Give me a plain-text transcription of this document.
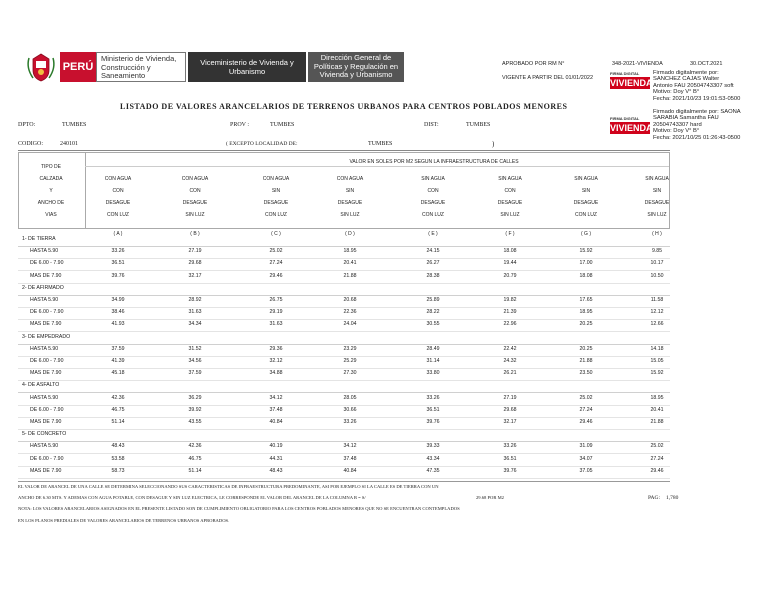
PERÚ
Ministerio de Vivienda, Construcción y Saneamiento
Viceministerio de Vivienda y Urbanismo
Dirección General de Políticas y Regulación en Vivienda y Urbanismo
APROBADO POR RM N°	348-2021-VIVIENDA	30.OCT.2021
VIGENTE A PARTIR DEL 01/01/2022
FIRMA DIGITAL
VIVIENDA
Firmado digitalmente por:
SANCHEZ CAJAS Walter
Antonio FAU 20504743307 soft
Motivo: Doy V° B°
Fecha: 2021/10/23 19:01:53-0500
FIRMA DIGITAL
VIVIENDA
Firmado digitalmente por: SAONA
SARABIA Samantha FAU
20504743307 hard
Motivo: Doy V° B°
Fecha: 2021/10/25 01:26:43-0500
LISTADO DE VALORES ARANCELARIOS DE TERRENOS URBANOS PARA CENTROS POBLADOS MENORES
DPTO:	TUMBES	PROV :	TUMBES	DIST:	TUMBES
CODIGO:	240101	( EXCEPTO LOCALIDAD DE:	TUMBES	)
VALOR EN SOLES POR M2 SEGUN LA INFRAESTRUCTURA DE CALLES
TIPO DE
CALZADA
Y
ANCHO DE
VIAS
CON AGUA
CON
DESAGUE
CON LUZ
( A )
CON AGUA
CON
DESAGUE
SIN LUZ
( B )
CON AGUA
SIN
DESAGUE
CON LUZ
( C )
CON AGUA
SIN
DESAGUE
SIN LUZ
( D )
SIN AGUA
CON
DESAGUE
CON LUZ
( E )
SIN AGUA
CON
DESAGUE
SIN LUZ
( F )
SIN AGUA
SIN
DESAGUE
CON LUZ
( G )
SIN AGUA
SIN
DESAGUE
SIN LUZ
( H )
1- DE TIERRA
HASTA 5.90	33.26	27.19	25.02	18.95	24.15	18.08	15.92	9.85
DE 6.00 - 7.90	36.51	29.68	27.24	20.41	26.27	19.44	17.00	10.17
MAS DE 7.90	39.76	32.17	29.46	21.88	28.38	20.79	18.08	10.50
2- DE AFIRMADO
HASTA 5.90	34.99	28.92	26.75	20.68	25.89	19.82	17.65	11.58
DE 6.00 - 7.90	38.46	31.63	29.19	22.36	28.22	21.39	18.95	12.12
MAS DE 7.90	41.93	34.34	31.63	24.04	30.55	22.96	20.25	12.66
3- DE EMPEDRADO
HASTA 5.90	37.59	31.52	29.36	23.29	28.49	22.42	20.25	14.18
DE 6.00 - 7.90	41.39	34.56	32.12	25.29	31.14	24.32	21.88	15.05
MAS DE 7.90	45.18	37.59	34.88	27.30	33.80	26.21	23.50	15.92
4- DE ASFALTO
HASTA 5.90	42.36	36.29	34.12	28.05	33.26	27.19	25.02	18.95
DE 6.00 - 7.90	46.75	39.92	37.48	30.66	36.51	29.68	27.24	20.41
MAS DE 7.90	51.14	43.55	40.84	33.26	39.76	32.17	29.46	21.88
5- DE CONCRETO
HASTA 5.90	48.43	42.36	40.19	34.12	39.33	33.26	31.09	25.02
DE 6.00 - 7.90	53.58	46.75	44.31	37.48	43.34	36.51	34.07	27.24
MAS DE 7.90	58.73	51.14	48.43	40.84	47.35	39.76	37.05	29.46
EL VALOR DE ARANCEL DE UNA CALLE SE DETERMINA SELECCIONANDO SUS CARACTERISTICAS DE INFRAESTRUCTURA PREDOMINANTE, ASI POR EJEMPLO SI LA CALLE ES DE TIERRA CON UN
ANCHO DE 6.30 MTS. Y ADEMAS CON AGUA POTABLE, CON DESAGUE Y SIN LUZ ELECTRICA, LE CORRESPONDE EL VALOR DEL ARANCEL DE LA COLUMNA B = S/	29.68 POR M2	PAG: 1,780
NOTA: LOS VALORES ARANCELARIOS ASIGNADOS EN EL PRESENTE LISTADO SON DE CUMPLIMIENTO OBLIGATORIO PARA LOS CENTROS POBLADOS MENORES QUE NO SE ENCUENTRAN CONTEMPLADOS
EN LOS PLANOS PREDIALES DE VALORES ARANCELARIOS DE TERRENOS URBANOS APROBADOS.
